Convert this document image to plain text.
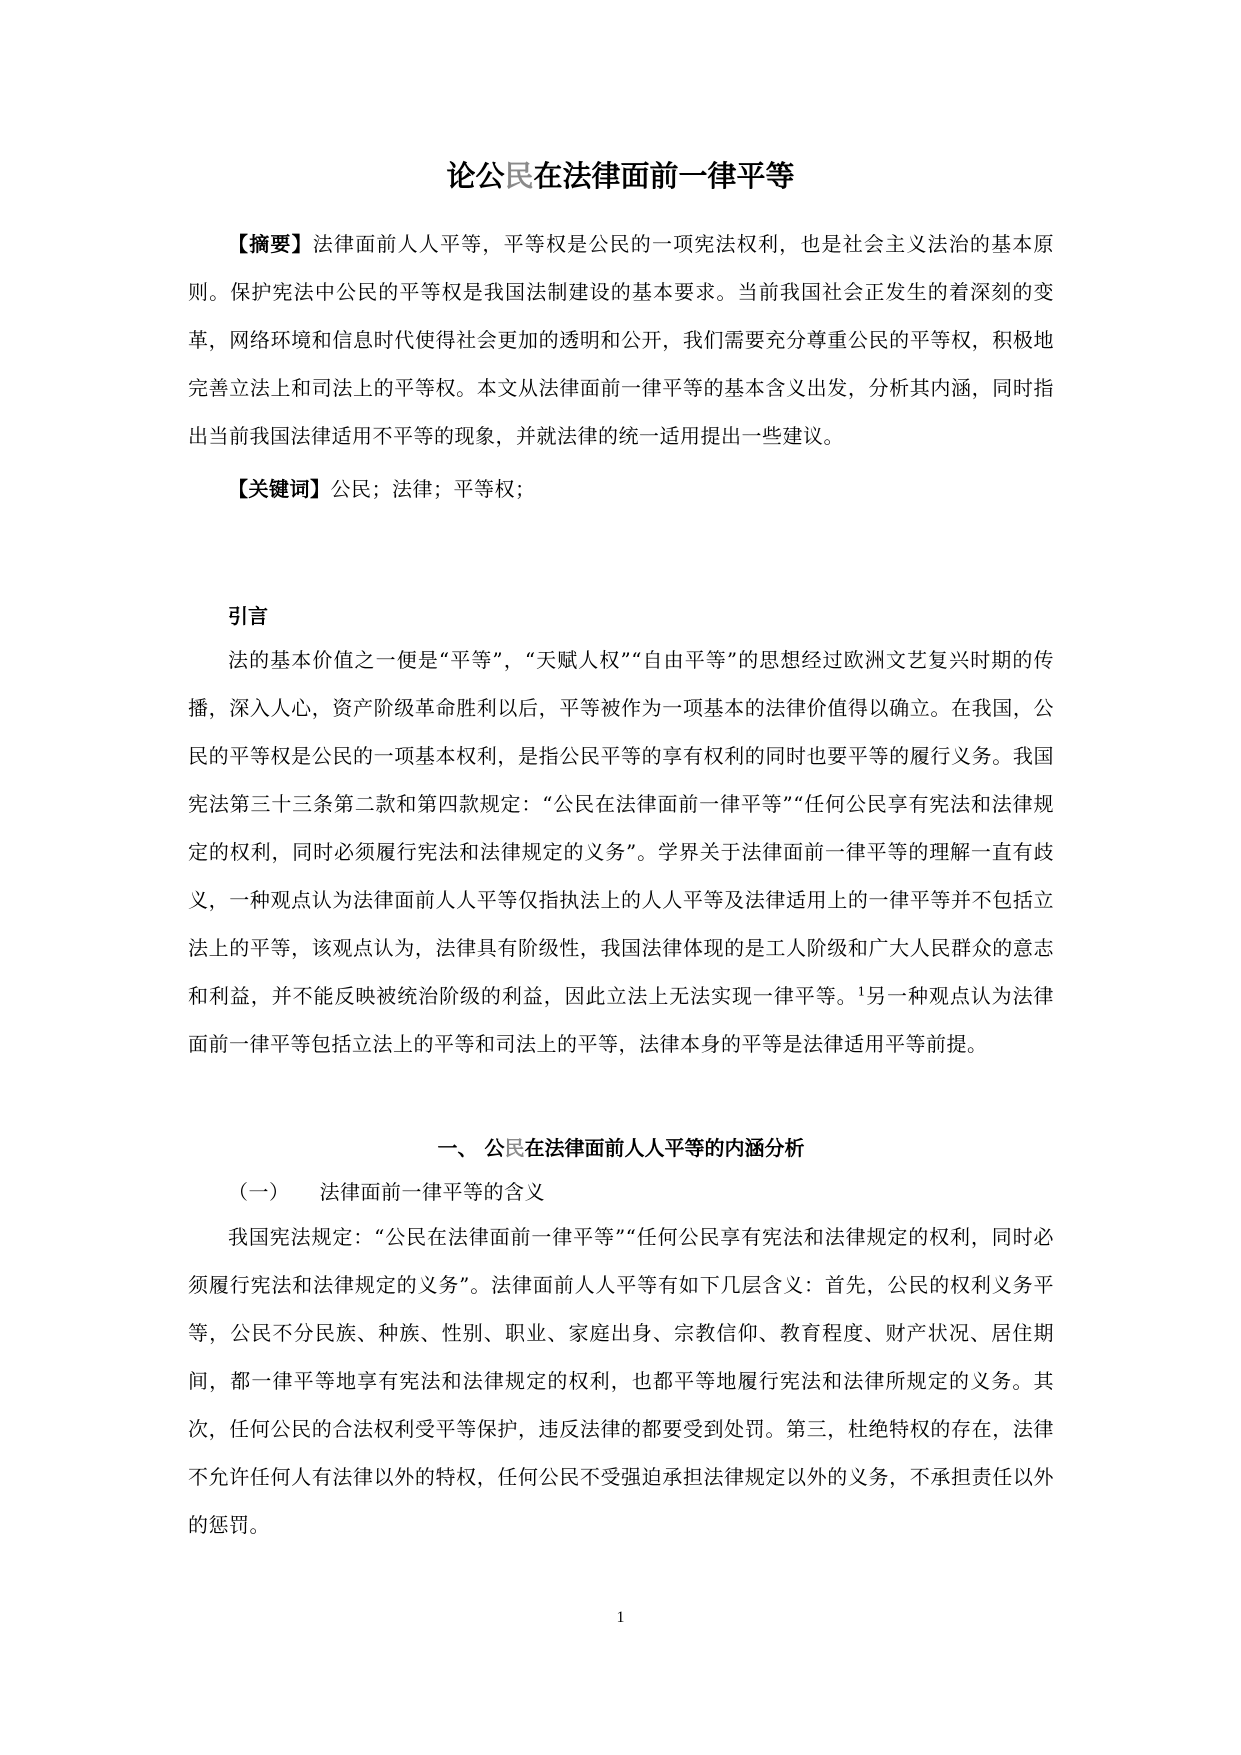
论公民在法律面前一律平等

【摘要】法律面前人人平等，平等权是公民的一项宪法权利，也是社会主义法治的基本原则。保护宪法中公民的平等权是我国法制建设的基本要求。当前我国社会正发生的着深刻的变革，网络环境和信息时代使得社会更加的透明和公开，我们需要充分尊重公民的平等权，积极地完善立法上和司法上的平等权。本文从法律面前一律平等的基本含义出发，分析其内涵，同时指出当前我国法律适用不平等的现象，并就法律的统一适用提出一些建议。

【关键词】公民；法律；平等权；

引言

法的基本价值之一便是“平等”，“天赋人权”“自由平等”的思想经过欧洲文艺复兴时期的传播，深入人心，资产阶级革命胜利以后，平等被作为一项基本的法律价值得以确立。在我国，公民的平等权是公民的一项基本权利，是指公民平等的享有权利的同时也要平等的履行义务。我国宪法第三十三条第二款和第四款规定：“公民在法律面前一律平等”“任何公民享有宪法和法律规定的权利，同时必须履行宪法和法律规定的义务”。学界关于法律面前一律平等的理解一直有歧义，一种观点认为法律面前人人平等仅指执法上的人人平等及法律适用上的一律平等并不包括立法上的平等，该观点认为，法律具有阶级性，我国法律体现的是工人阶级和广大人民群众的意志和利益，并不能反映被统治阶级的利益，因此立法上无法实现一律平等。$^1$另一种观点认为法律面前一律平等包括立法上的平等和司法上的平等，法律本身的平等是法律适用平等前提。

一、 公民在法律面前人人平等的内涵分析

（一） 法律面前一律平等的含义

我国宪法规定：“公民在法律面前一律平等”“任何公民享有宪法和法律规定的权利，同时必须履行宪法和法律规定的义务”。法律面前人人平等有如下几层含义：首先，公民的权利义务平等，公民不分民族、种族、性别、职业、家庭出身、宗教信仰、教育程度、财产状况、居住期间，都一律平等地享有宪法和法律规定的权利，也都平等地履行宪法和法律所规定的义务。其次，任何公民的合法权利受平等保护，违反法律的都要受到处罚。第三，杜绝特权的存在，法律不允许任何人有法律以外的特权，任何公民不受强迫承担法律规定以外的义务，不承担责任以外的惩罚。

1
